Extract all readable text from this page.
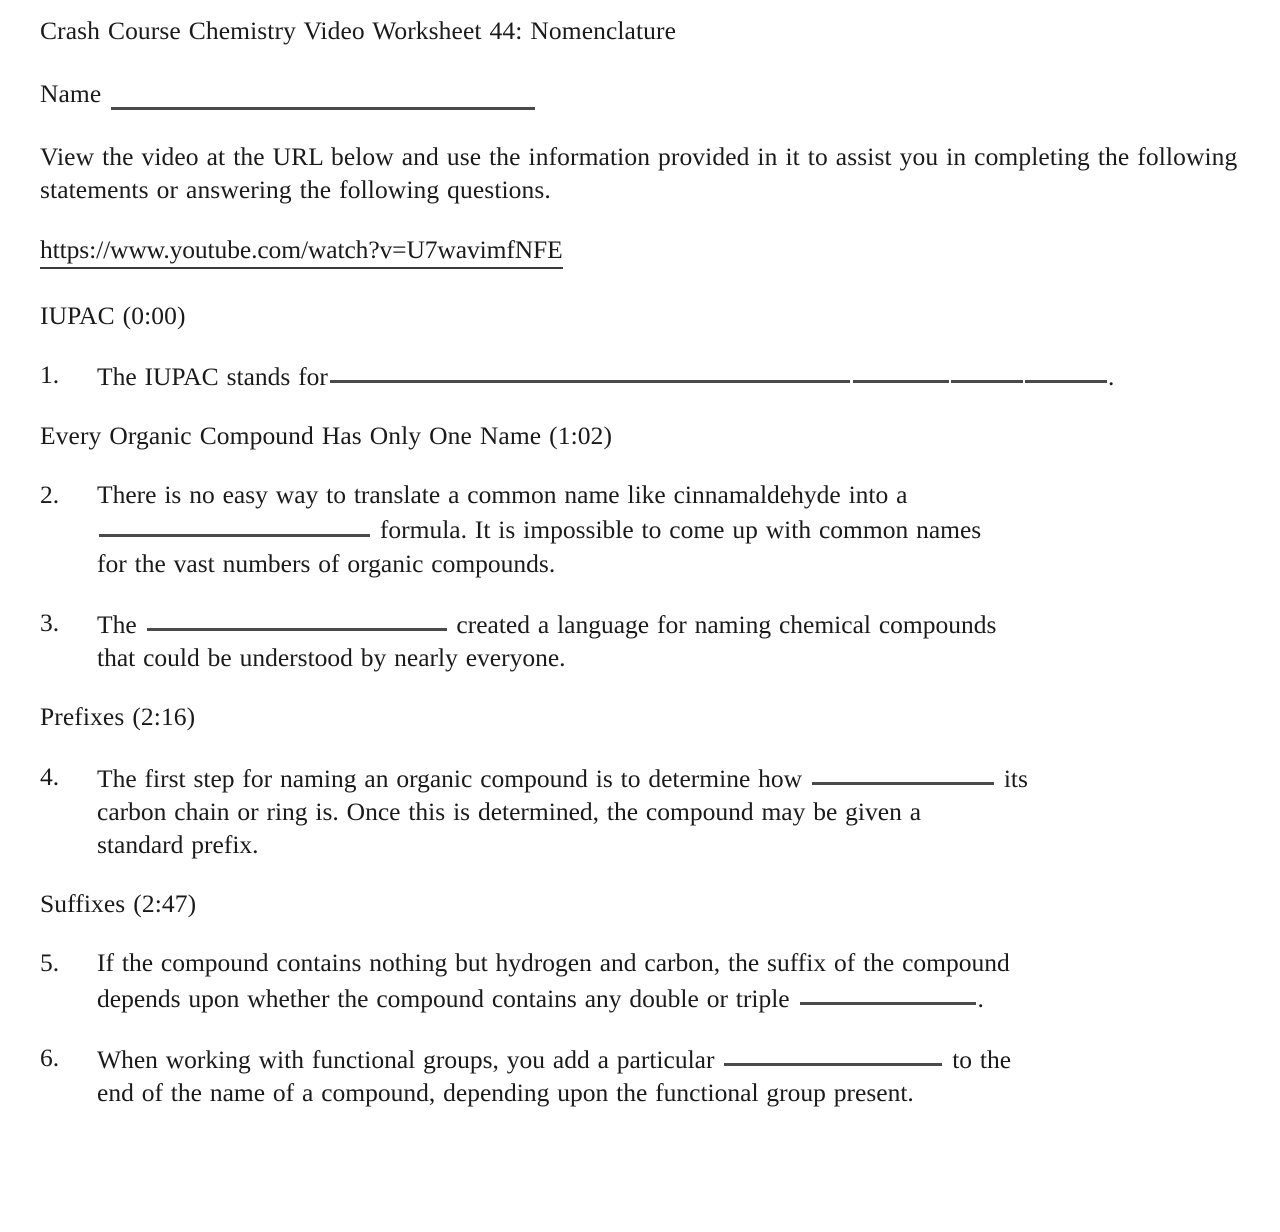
Crash Course Chemistry Video Worksheet 44: Nomenclature
Name
View the video at the URL below and use the information provided in it to assist you in completing the following statements or answering the following questions.
https://www.youtube.com/watch?v=U7wavimfNFE
IUPAC (0:00)
1.	The IUPAC stands for	.
Every Organic Compound Has Only One Name (1:02)
2.	There is no easy way to translate a common name like cinnamaldehyde into a
formula. It is impossible to come up with common names
for the vast numbers of organic compounds.
3.	The	created a language for naming chemical compounds
that could be understood by nearly everyone.
Prefixes (2:16)
4.	The first step for naming an organic compound is to determine how	its
carbon chain or ring is. Once this is determined, the compound may be given a
standard prefix.
Suffixes (2:47)
5.	If the compound contains nothing but hydrogen and carbon, the suffix of the compound
depends upon whether the compound contains any double or triple	.
6.	When working with functional groups, you add a particular	to the
end of the name of a compound, depending upon the functional group present.
